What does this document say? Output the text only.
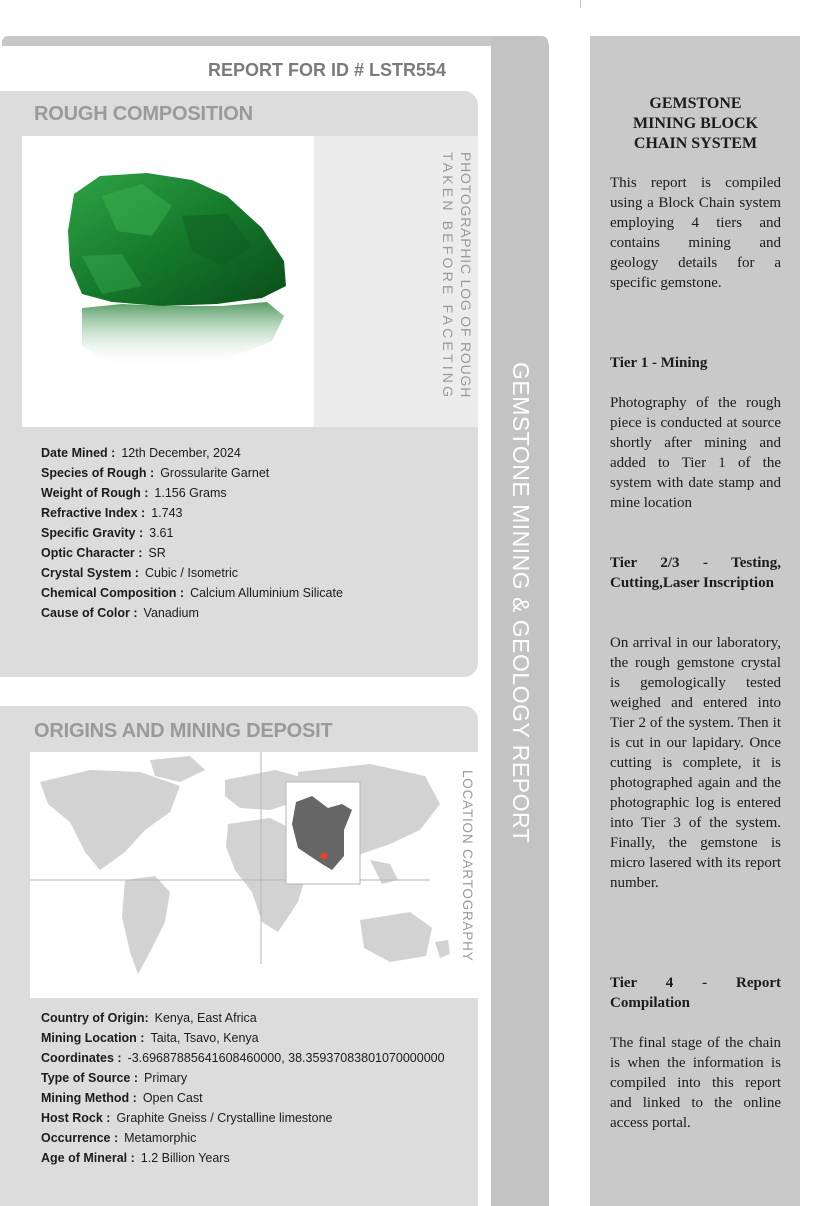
REPORT FOR ID # LSTR554
ROUGH COMPOSITION
PHOTOGRAPHIC LOG OF ROUGH
TAKEN BEFORE FACETING
Date Mined : 12th December, 2024
Species of Rough : Grossularite Garnet
Weight of Rough : 1.156 Grams
Refractive Index : 1.743
Specific Gravity : 3.61
Optic Character : SR
Crystal System : Cubic / Isometric
Chemical Composition : Calcium Alluminium Silicate
Cause of Color : Vanadium
ORIGINS AND MINING DEPOSIT
LOCATION CARTOGRAPHY
Country of Origin: Kenya, East Africa
Mining Location : Taita, Tsavo, Kenya
Coordinates : -3.69687885641608460000, 38.35937083801070000000
Type of Source : Primary
Mining Method : Open Cast
Host Rock : Graphite Gneiss / Crystalline limestone
Occurrence : Metamorphic
Age of Mineral : 1.2 Billion Years
GEMSTONE MINING & GEOLOGY REPORT
GEMSTONE
MINING BLOCK
CHAIN SYSTEM
This report is compiled using a Block Chain system employing 4 tiers and contains mining and geology details for a specific gemstone.
Tier 1 - Mining
Photography of the rough piece is conducted at source shortly after mining and added to Tier 1 of the system with date stamp and mine location
Tier 2/3 - Testing, Cutting,Laser Inscription
On arrival in our laboratory, the rough gemstone crystal is gemologically tested weighed and entered into Tier 2 of the system. Then it is cut in our lapidary. Once cutting is complete, it is photographed again and the photographic log is entered into Tier 3 of the system. Finally, the gemstone is micro lasered with its report number.
Tier 4 - Report Compilation
The final stage of the chain is when the information is compiled into this report and linked to the online access portal.
